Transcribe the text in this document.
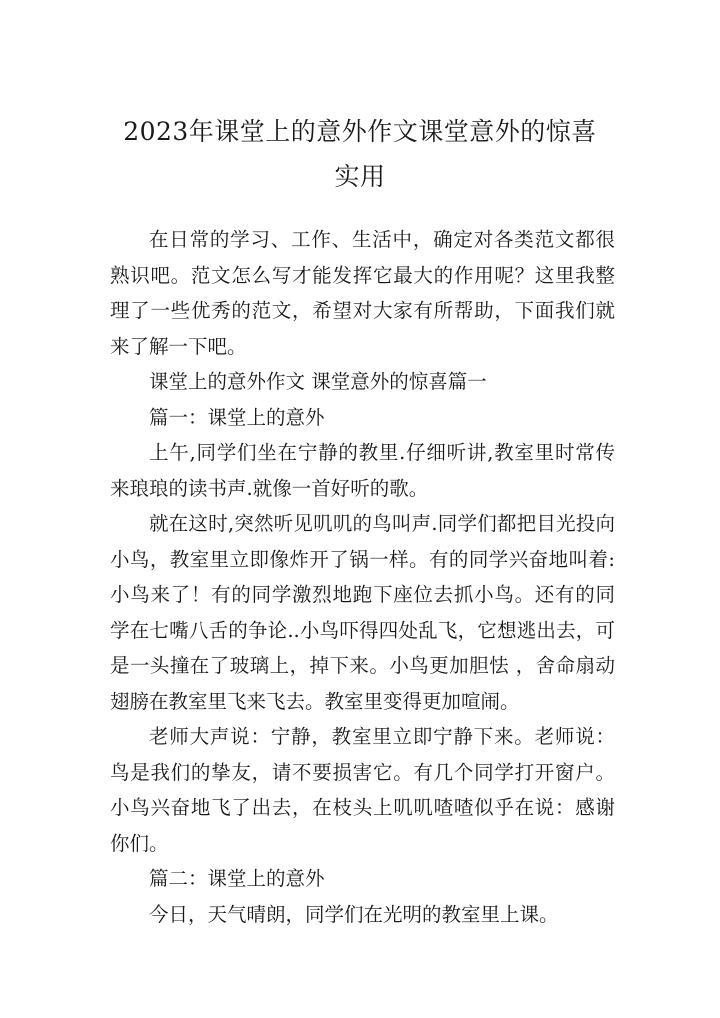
2023年课堂上的意外作文课堂意外的惊喜
实用

在日常的学习、工作、生活中，确定对各类范文都很熟识吧。范文怎么写才能发挥它最大的作用呢？这里我整理了一些优秀的范文，希望对大家有所帮助，下面我们就来了解一下吧。

课堂上的意外作文 课堂意外的惊喜篇一

篇一：课堂上的意外

上午,同学们坐在宁静的教里.仔细听讲,教室里时常传来琅琅的读书声.就像一首好听的歌。

就在这时,突然听见叽叽的鸟叫声.同学们都把目光投向小鸟，教室里立即像炸开了锅一样。有的同学兴奋地叫着:小鸟来了！有的同学激烈地跑下座位去抓小鸟。还有的同学在七嘴八舌的争论..小鸟吓得四处乱飞，它想逃出去，可是一头撞在了玻璃上，掉下来。小鸟更加胆怯 ，舍命扇动翅膀在教室里飞来飞去。教室里变得更加喧闹。

老师大声说：宁静，教室里立即宁静下来。老师说：鸟是我们的挚友，请不要损害它。有几个同学打开窗户。小鸟兴奋地飞了出去，在枝头上叽叽喳喳似乎在说：感谢你们。

篇二：课堂上的意外

今日，天气晴朗，同学们在光明的教室里上课。
